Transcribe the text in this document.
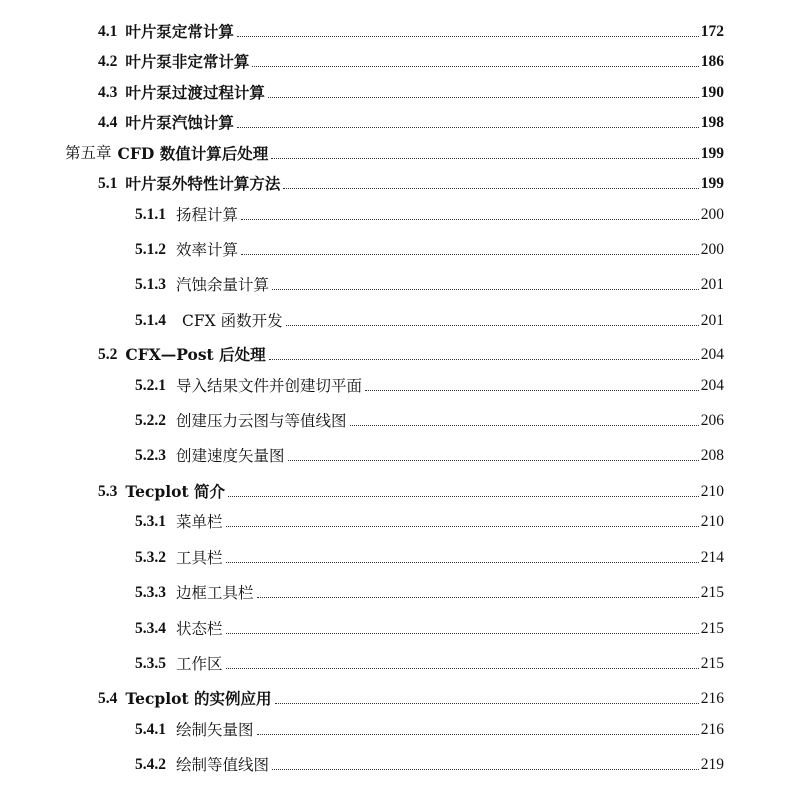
4.1 叶片泵定常计算	172
4.2 叶片泵非定常计算	186
4.3 叶片泵过渡过程计算	190
4.4 叶片泵汽蚀计算	198
第五章 CFD 数值计算后处理	199
5.1 叶片泵外特性计算方法	199
5.1.1 扬程计算	200
5.1.2 效率计算	200
5.1.3 汽蚀余量计算	201
5.1.4 CFX 函数开发	201
5.2 CFX—Post 后处理	204
5.2.1 导入结果文件并创建切平面	204
5.2.2 创建压力云图与等值线图	206
5.2.3 创建速度矢量图	208
5.3 Tecplot 简介	210
5.3.1 菜单栏	210
5.3.2 工具栏	214
5.3.3 边框工具栏	215
5.3.4 状态栏	215
5.3.5 工作区	215
5.4 Tecplot 的实例应用	216
5.4.1 绘制矢量图	216
5.4.2 绘制等值线图	219
